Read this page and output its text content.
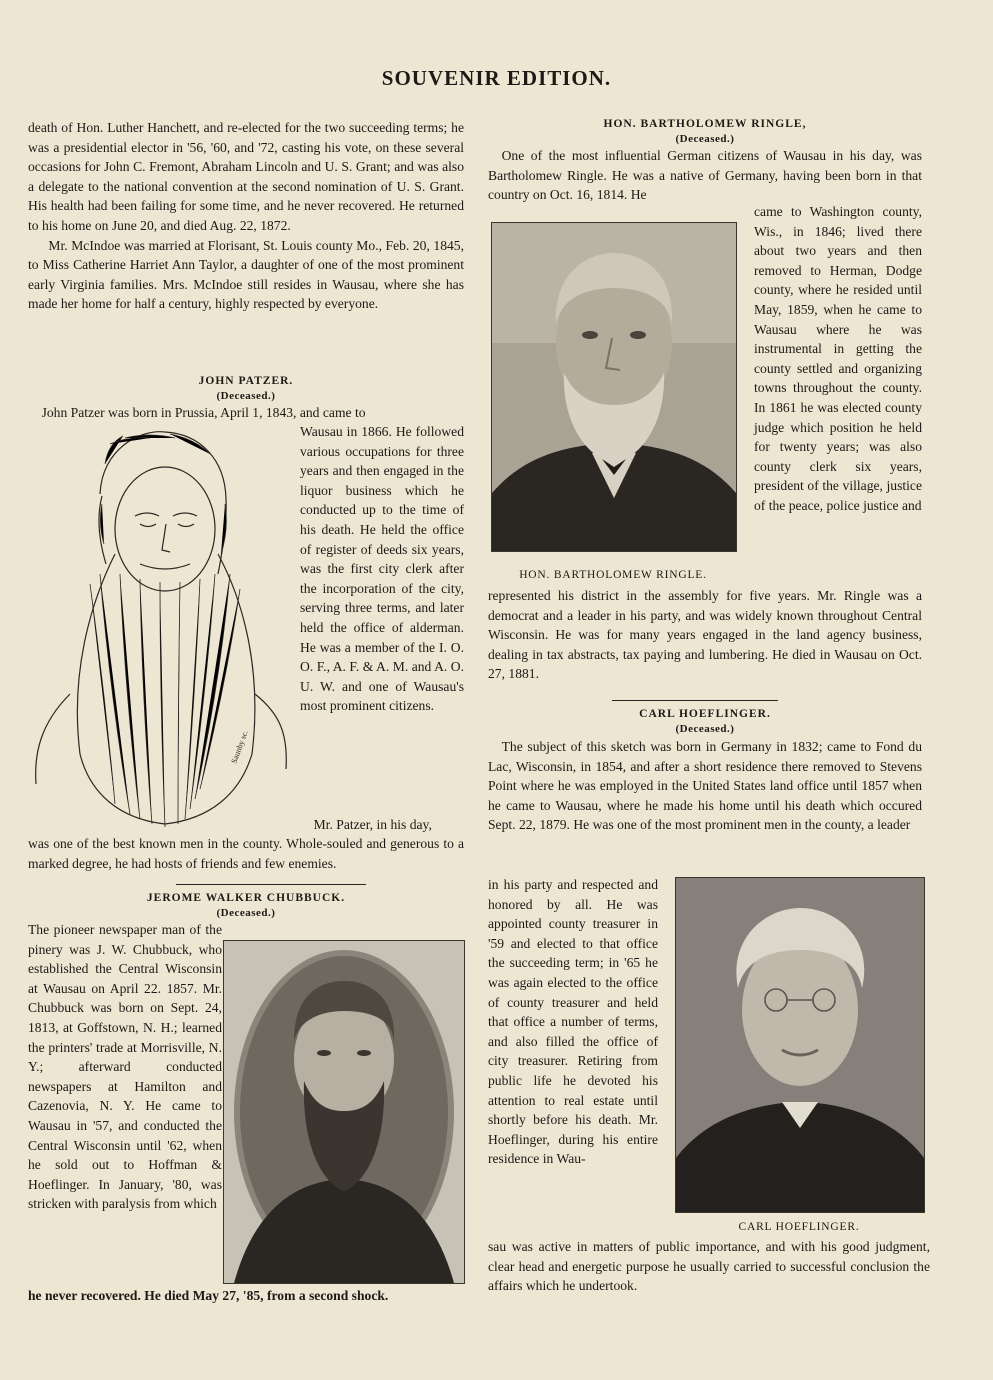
SOUVENIR EDITION.

death of Hon. Luther Hanchett, and re-elected for the two succeeding terms; he was a presidential elector in '56, '60, and '72, casting his vote, on these several occasions for John C. Fremont, Abraham Lincoln and U. S. Grant; and was also a delegate to the national convention at the second nomination of U. S. Grant. His health had been failing for some time, and he never recovered. He returned to his home on June 20, and died Aug. 22, 1872.

Mr. McIndoe was married at Florisant, St. Louis county Mo., Feb. 20, 1845, to Miss Catherine Harriet Ann Taylor, a daughter of one of the most prominent early Virginia families. Mrs. McIndoe still resides in Wausau, where she has made her home for half a century, highly respected by everyone.

JOHN PATZER.
(Deceased.)
John Patzer was born in Prussia, April 1, 1843, and came to
Saunby sc.
Wausau in 1866. He followed various occupations for three years and then engaged in the liquor business which he conducted up to the time of his death. He held the office of register of deeds six years, was the first city clerk after the incorporation of the city, serving three terms, and later held the office of alderman. He was a member of the I. O. O. F., A. F. & A. M. and A. O. U. W. and one of Wausau's most prominent citizens.
Mr. Patzer, in his day,
was one of the best known men in the county. Whole-souled and generous to a marked degree, he had hosts of friends and few enemies.
JEROME WALKER CHUBBUCK.
(Deceased.)
The pioneer newspaper man of the pinery was J. W. Chubbuck, who established the Central Wisconsin at Wausau on April 22. 1857. Mr. Chubbuck was born on Sept. 24, 1813, at Goffstown, N. H.; learned the printers' trade at Morrisville, N. Y.; afterward conducted newspapers at Hamilton and Cazenovia, N. Y. He came to Wausau in '57, and conducted the Central Wisconsin until '62, when he sold out to Hoffman & Hoeflinger. In January, '80, was stricken with paralysis from which
he never recovered. He died May 27, '85, from a second shock.
HON. BARTHOLOMEW RINGLE,
(Deceased.)
One of the most influential German citizens of Wausau in his day, was Bartholomew Ringle. He was a native of Germany, having been born in that country on Oct. 16, 1814. He
came to Washington county, Wis., in 1846; lived there about two years and then removed to Herman, Dodge county, where he resided until May, 1859, when he came to Wausau where he was instrumental in getting the county settled and organizing towns throughout the county. In 1861 he was elected county judge which position he held for twenty years; was also county clerk six years, president of the village, justice of the peace, police justice and
HON. BARTHOLOMEW RINGLE.
represented his district in the assembly for five years. Mr. Ringle was a democrat and a leader in his party, and was widely known throughout Central Wisconsin. He was for many years engaged in the land agency business, dealing in tax abstracts, tax paying and lumbering. He died in Wausau on Oct. 27, 1881.
CARL HOEFLINGER.
(Deceased.)
The subject of this sketch was born in Germany in 1832; came to Fond du Lac, Wisconsin, in 1854, and after a short residence there removed to Stevens Point where he was employed in the United States land office until 1857 when he came to Wausau, where he made his home until his death which occured Sept. 22, 1879. He was one of the most prominent men in the county, a leader
in his party and respected and honored by all. He was appointed county treasurer in '59 and elected to that office the succeeding term; in '65 he was again elected to the office of county treasurer and held that office a number of terms, and also filled the office of city treasurer. Retiring from public life he devoted his attention to real estate until shortly before his death. Mr. Hoeflinger, during his entire residence in Wau-
CARL HOEFLINGER.
sau was active in matters of public importance, and with his good judgment, clear head and energetic purpose he usually carried to successful conclusion the affairs which he undertook.
